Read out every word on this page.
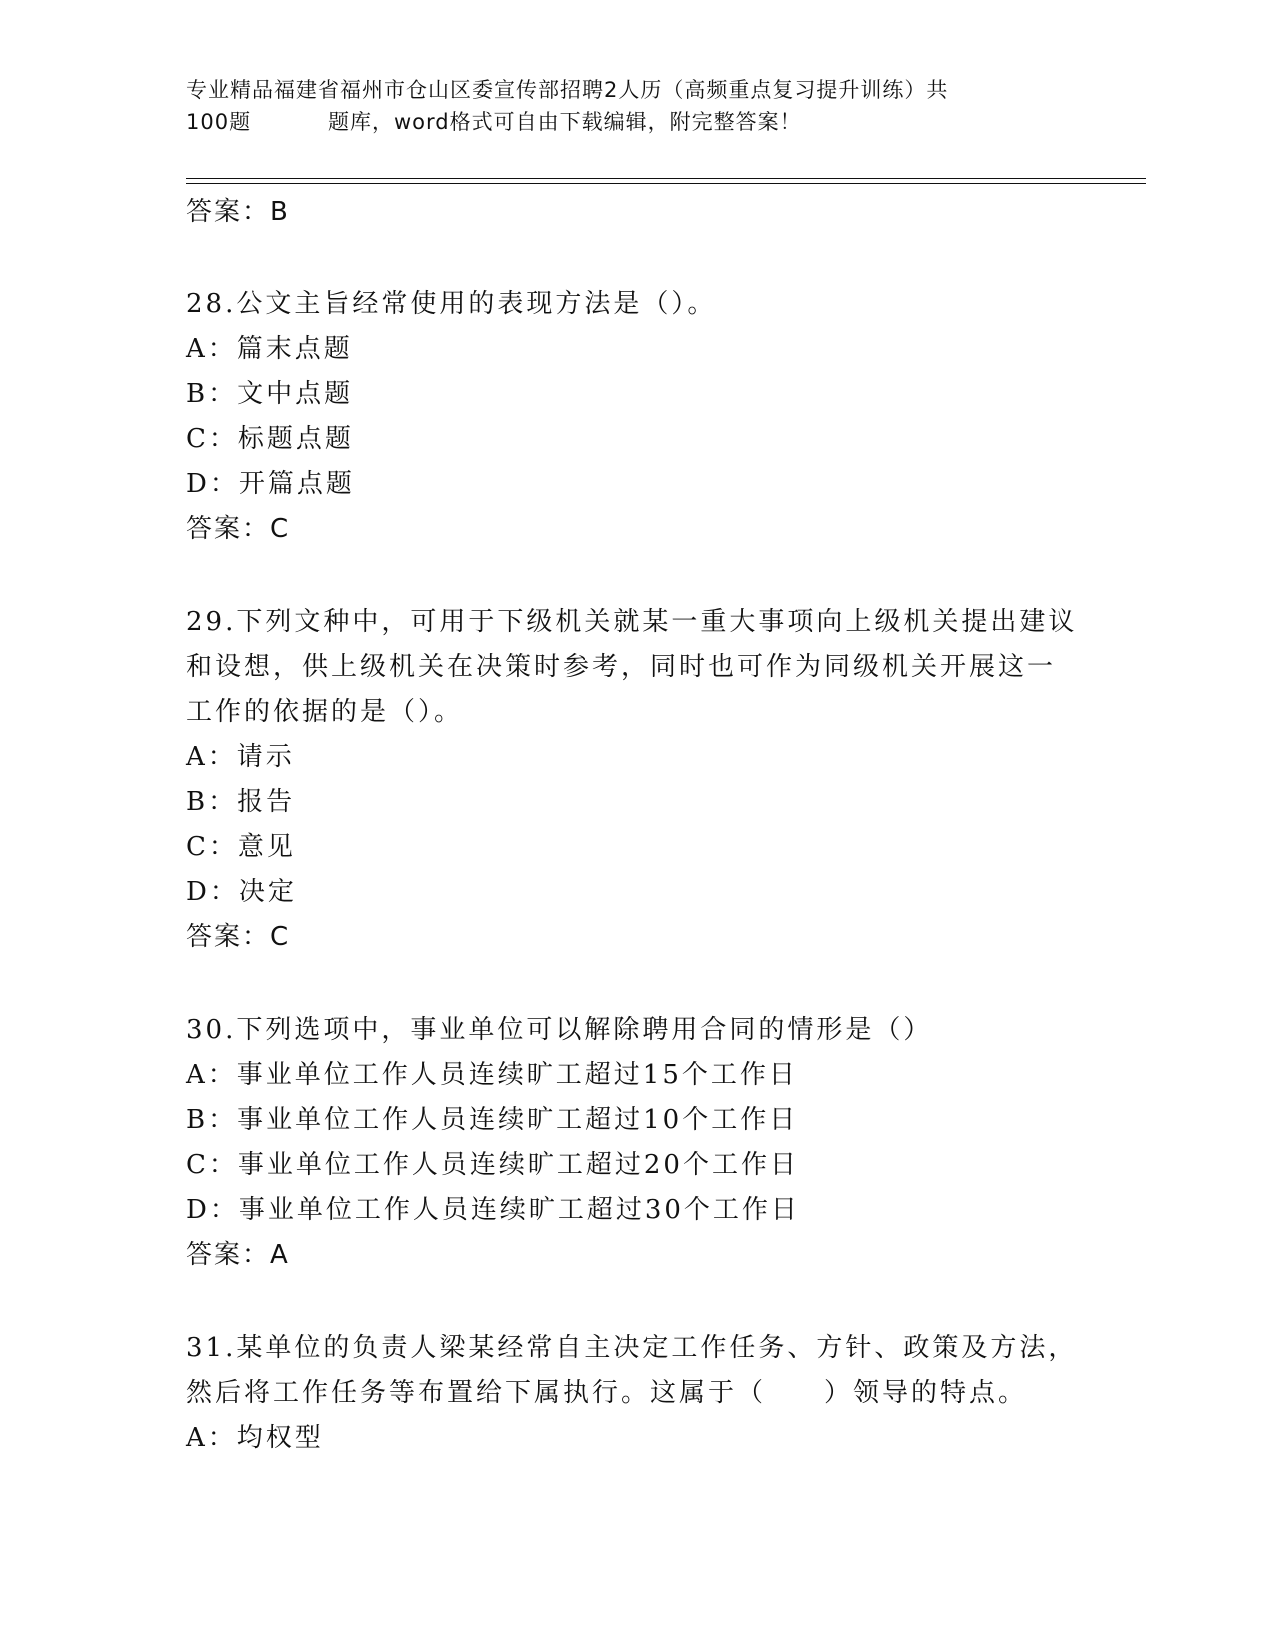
专业精品福建省福州市仓山区委宣传部招聘2人历（高频重点复习提升训练）共
100题	题库，word格式可自由下载编辑，附完整答案！
答案：B
28.公文主旨经常使用的表现方法是（）。
A：篇末点题
B：文中点题
C：标题点题
D：开篇点题
答案：C
29.下列文种中，可用于下级机关就某一重大事项向上级机关提出建议
和设想，供上级机关在决策时参考，同时也可作为同级机关开展这一
工作的依据的是（）。
A：请示
B：报告
C：意见
D：决定
答案：C
30.下列选项中，事业单位可以解除聘用合同的情形是（）
A：事业单位工作人员连续旷工超过15个工作日
B：事业单位工作人员连续旷工超过10个工作日
C：事业单位工作人员连续旷工超过20个工作日
D：事业单位工作人员连续旷工超过30个工作日
答案：A
31.某单位的负责人梁某经常自主决定工作任务、方针、政策及方法，
然后将工作任务等布置给下属执行。这属于（　　）领导的特点。
A：均权型
